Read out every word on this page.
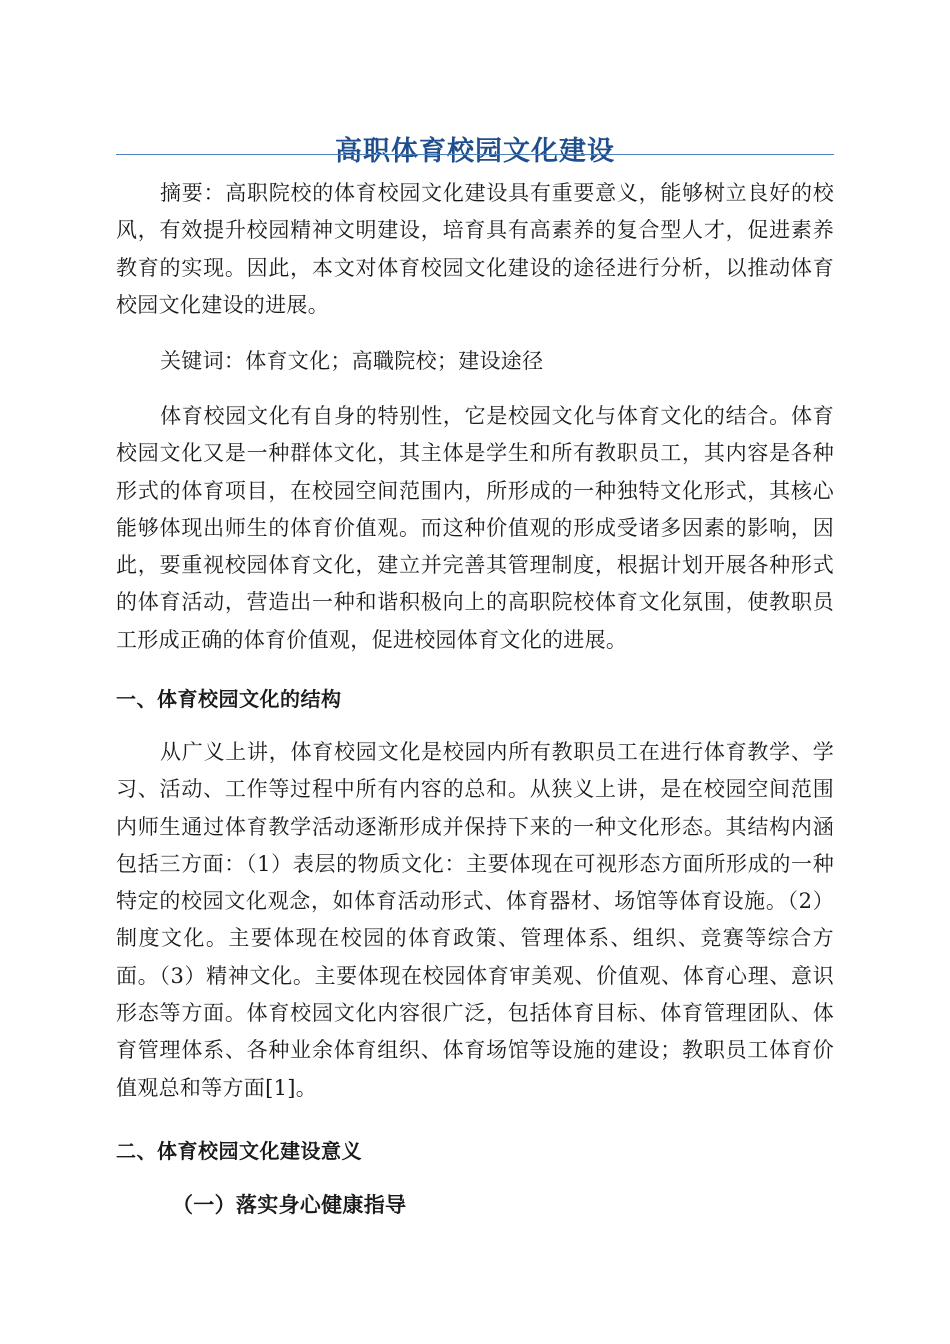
高职体育校园文化建设

摘要：高职院校的体育校园文化建设具有重要意义，能够树立良好的校风，有效提升校园精神文明建设，培育具有高素养的复合型人才，促进素养教育的实现。因此，本文对体育校园文化建设的途径进行分析，以推动体育校园文化建设的进展。

关键词：体育文化；高職院校；建设途径

体育校园文化有自身的特别性，它是校园文化与体育文化的结合。体育校园文化又是一种群体文化，其主体是学生和所有教职员工，其内容是各种形式的体育项目，在校园空间范围内，所形成的一种独特文化形式，其核心能够体现出师生的体育价值观。而这种价值观的形成受诸多因素的影响，因此，要重视校园体育文化，建立并完善其管理制度，根据计划开展各种形式的体育活动，营造出一种和谐积极向上的高职院校体育文化氛围，使教职员工形成正确的体育价值观，促进校园体育文化的进展。

一、体育校园文化的结构

从广义上讲，体育校园文化是校园内所有教职员工在进行体育教学、学习、活动、工作等过程中所有内容的总和。从狭义上讲，是在校园空间范围内师生通过体育教学活动逐渐形成并保持下来的一种文化形态。其结构内涵包括三方面：（1）表层的物质文化：主要体现在可视形态方面所形成的一种特定的校园文化观念，如体育活动形式、体育器材、场馆等体育设施。（2）制度文化。主要体现在校园的体育政策、管理体系、组织、竞赛等综合方面。（3）精神文化。主要体现在校园体育审美观、价值观、体育心理、意识形态等方面。体育校园文化内容很广泛，包括体育目标、体育管理团队、体育管理体系、各种业余体育组织、体育场馆等设施的建设；教职员工体育价值观总和等方面[1]。

二、体育校园文化建设意义
（一）落实身心健康指导
